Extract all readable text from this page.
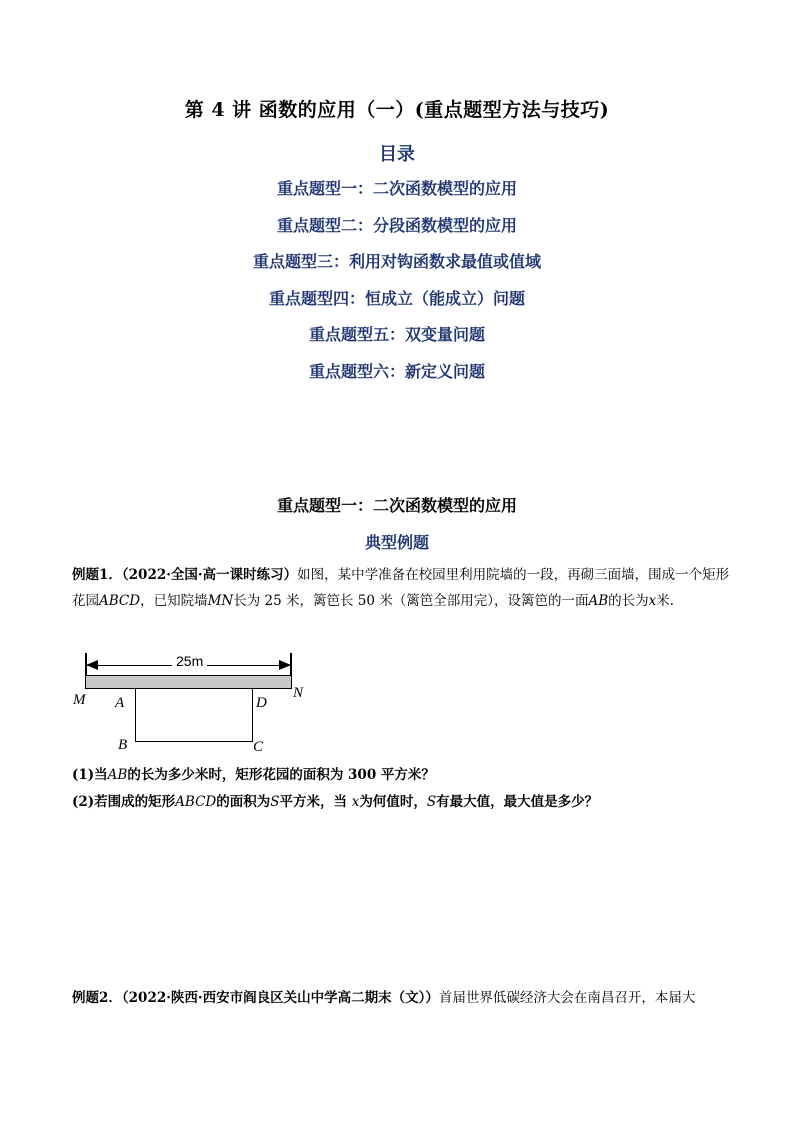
第 4 讲 函数的应用（一）(重点题型方法与技巧)
目录
重点题型一：二次函数模型的应用
重点题型二：分段函数模型的应用
重点题型三：利用对钩函数求最值或值域
重点题型四：恒成立（能成立）问题
重点题型五：双变量问题
重点题型六：新定义问题
重点题型一：二次函数模型的应用
典型例题
例题1．（2022·全国·高一课时练习）如图，某中学准备在校园里利用院墙的一段，再砌三面墙，围成一个矩形花园ABCD，已知院墙MN长为 25 米，篱笆长 50 米（篱笆全部用完），设篱笆的一面AB的长为x米．
25m
M A	D
N
B	C
(1)当AB的长为多少米时，矩形花园的面积为 300 平方米？
(2)若围成的矩形ABCD的面积为S平方米，当 x为何值时，S有最大值，最大值是多少？
例题2．（2022·陕西·西安市阎良区关山中学高二期末（文））首届世界低碳经济大会在南昌召开，本届大
